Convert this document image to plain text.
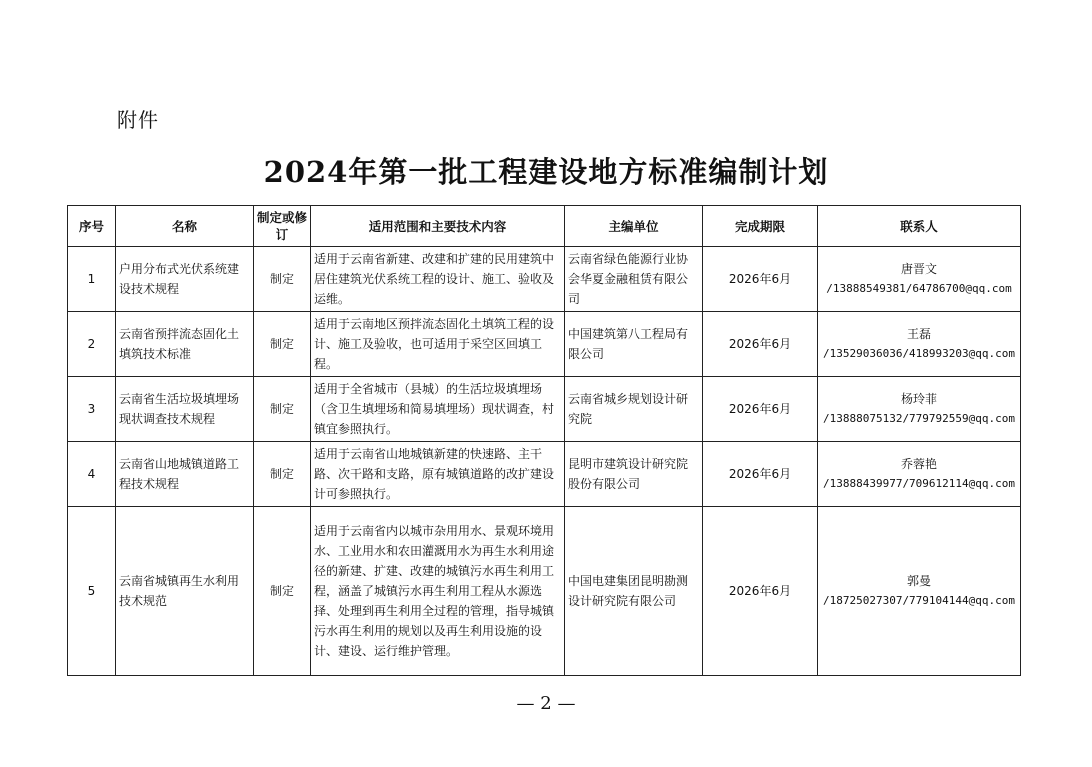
附件
2024年第一批工程建设地方标准编制计划
序号	名称	制定或修订	适用范围和主要技术内容	主编单位	完成期限	联系人
1	户用分布式光伏系统建设技术规程	制定	适用于云南省新建、改建和扩建的民用建筑中居住建筑光伏系统工程的设计、施工、验收及运维。	云南省绿色能源行业协会华夏金融租赁有限公司	2026年6月	唐晋文
/13888549381/64786700@qq.com

2	云南省预拌流态固化土填筑技术标准	制定	适用于云南地区预拌流态固化土填筑工程的设计、施工及验收，也可适用于采空区回填工程。	中国建筑第八工程局有限公司	2026年6月	王磊
/13529036036/418993203@qq.com

3	云南省生活垃圾填埋场现状调查技术规程	制定	适用于全省城市（县城）的生活垃圾填埋场（含卫生填埋场和简易填埋场）现状调查，村镇宜参照执行。	云南省城乡规划设计研究院	2026年6月	杨玲菲
/13888075132/779792559@qq.com

4	云南省山地城镇道路工程技术规程	制定	适用于云南省山地城镇新建的快速路、主干路、次干路和支路，原有城镇道路的改扩建设计可参照执行。	昆明市建筑设计研究院股份有限公司	2026年6月	乔蓉艳
/13888439977/709612114@qq.com

5	云南省城镇再生水利用技术规范	制定	适用于云南省内以城市杂用用水、景观环境用水、工业用水和农田灌溉用水为再生水利用途径的新建、扩建、改建的城镇污水再生利用工程，涵盖了城镇污水再生利用工程从水源选择、处理到再生利用全过程的管理，指导城镇污水再生利用的规划以及再生利用设施的设计、建设、运行维护管理。	中国电建集团昆明勘测设计研究院有限公司	2026年6月	郭曼
/18725027307/779104144@qq.com
— 2 —
